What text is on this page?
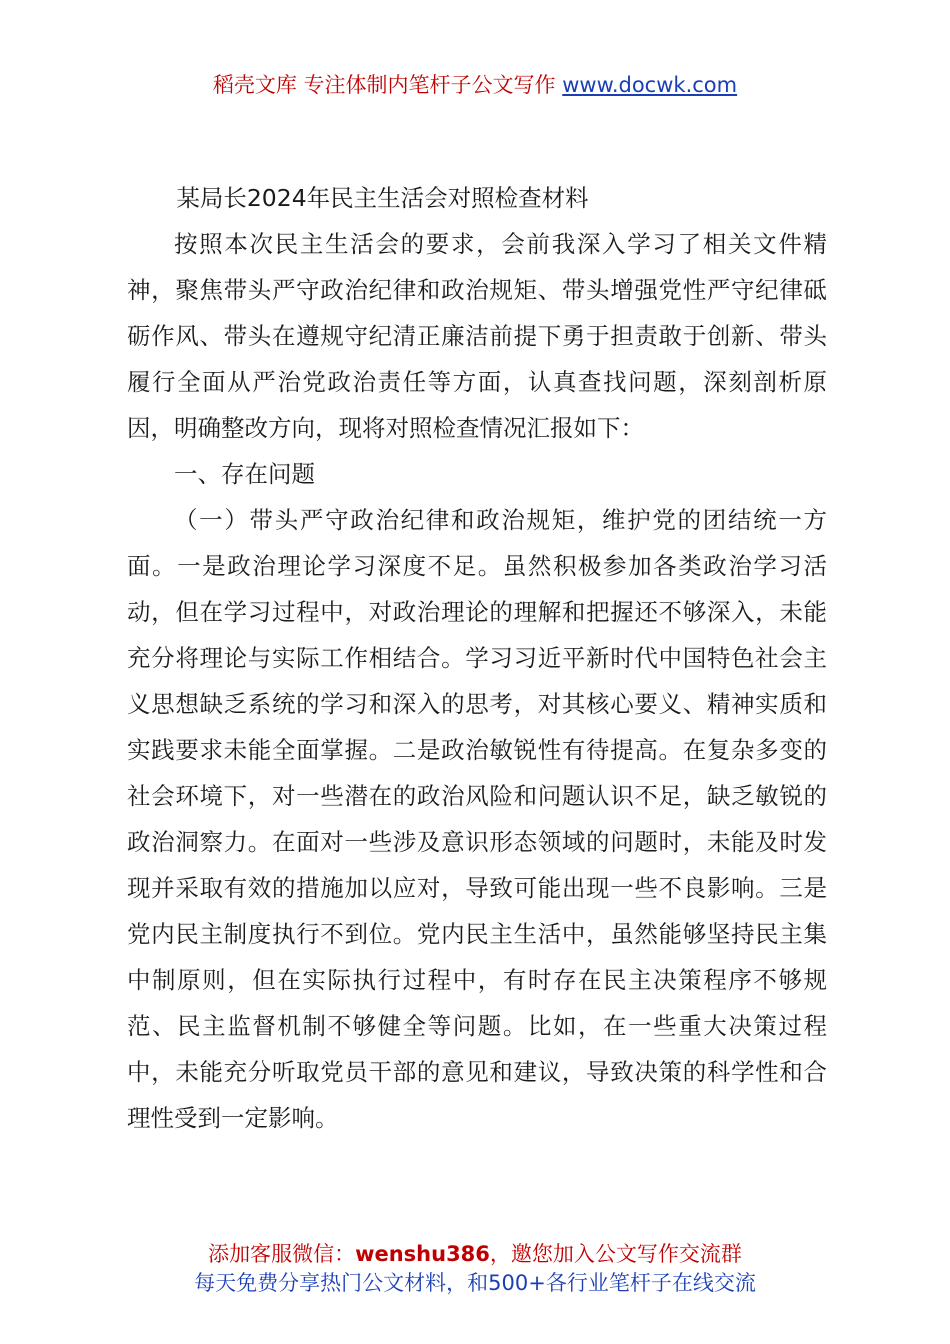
稻壳文库 专注体制内笔杆子公文写作 www.docwk.com

某局长2024年民主生活会对照检查材料

按照本次民主生活会的要求，会前我深入学习了相关文件精神，聚焦带头严守政治纪律和政治规矩、带头增强党性严守纪律砥砺作风、带头在遵规守纪清正廉洁前提下勇于担责敢于创新、带头履行全面从严治党政治责任等方面，认真查找问题，深刻剖析原因，明确整改方向，现将对照检查情况汇报如下：

一、存在问题

（一）带头严守政治纪律和政治规矩，维护党的团结统一方面。一是政治理论学习深度不足。虽然积极参加各类政治学习活动，但在学习过程中，对政治理论的理解和把握还不够深入，未能充分将理论与实际工作相结合。学习习近平新时代中国特色社会主义思想缺乏系统的学习和深入的思考，对其核心要义、精神实质和实践要求未能全面掌握。二是政治敏锐性有待提高。在复杂多变的社会环境下，对一些潜在的政治风险和问题认识不足，缺乏敏锐的政治洞察力。在面对一些涉及意识形态领域的问题时，未能及时发现并采取有效的措施加以应对，导致可能出现一些不良影响。三是党内民主制度执行不到位。党内民主生活中，虽然能够坚持民主集中制原则，但在实际执行过程中，有时存在民主决策程序不够规范、民主监督机制不够健全等问题。比如，在一些重大决策过程中，未能充分听取党员干部的意见和建议，导致决策的科学性和合理性受到一定影响。

添加客服微信：wenshu386，邀您加入公文写作交流群
每天免费分享热门公文材料，和500+各行业笔杆子在线交流
